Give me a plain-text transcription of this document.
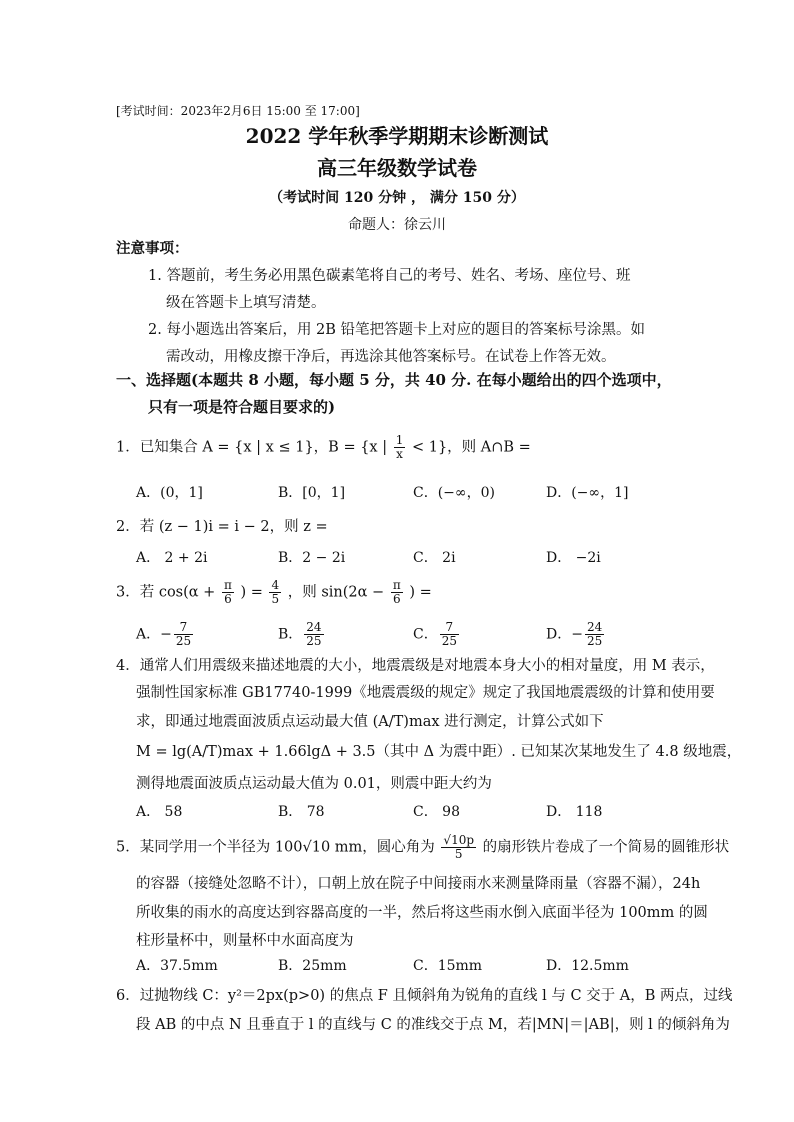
[考试时间：2023年2月6日 15:00 至 17:00]
2022 学年秋季学期期末诊断测试
高三年级数学试卷
（考试时间 120 分钟 ， 满分 150 分）
命题人：徐云川
注意事项：
1. 答题前，考生务必用黑色碳素笔将自己的考号、姓名、考场、座位号、班
级在答题卡上填写清楚。
2. 每小题选出答案后，用 2B 铅笔把答题卡上对应的题目的答案标号涂黑。如
需改动，用橡皮擦干净后，再选涂其他答案标号。在试卷上作答无效。
一、选择题(本题共 8 小题，每小题 5 分，共 40 分. 在每小题给出的四个选项中，
只有一项是符合题目要求的)
1．已知集合 A = {x | x ≤ 1}，B = {x | $\frac{1}{x} < 1$}，则 A∩B =
A．(0，1]	B．[0，1]	C．(−∞，0)	D．(−∞，1]
2．若 (z − 1)i = i − 2，则 z =
A． 2 + 2i	B．2 − 2i	C． 2i	D． −2i
3．若 $\cos(\alpha + \frac{\pi}{6}$ ) = $\frac{4}{5}$ ，则 $\sin(2\alpha - \frac{\pi}{6}$ ) =
A．− $\frac{7}{25}$	B． $\frac{24}{25}$	C． $\frac{7}{25}$	D．− $\frac{24}{25}$
4．通常人们用震级来描述地震的大小，地震震级是对地震本身大小的相对量度，用 M 表示，
强制性国家标准 GB17740-1999《地震震级的规定》规定了我国地震震级的计算和使用要
求，即通过地震面波质点运动最大值 (A/T)max 进行测定，计算公式如下
M = lg(A/T)max + 1.66lgΔ + 3.5（其中 Δ 为震中距）. 已知某次某地发生了 4.8 级地震，
测得地震面波质点运动最大值为 0.01，则震中距大约为
A． 58	B． 78	C． 98	D． 118
5．某同学用一个半径为 100√10 mm，圆心角为 $\frac{√10p}{5}$ 的扇形铁片卷成了一个简易的圆锥形状
的容器（接缝处忽略不计），口朝上放在院子中间接雨水来测量降雨量（容器不漏），24h
所收集的雨水的高度达到容器高度的一半，然后将这些雨水倒入底面半径为 100mm 的圆
柱形量杯中，则量杯中水面高度为
A．37.5mm	B．25mm	C．15mm	D．12.5mm
6．过抛物线 C：y²＝2px(p>0) 的焦点 F 且倾斜角为锐角的直线 l 与 C 交于 A，B 两点，过线
段 AB 的中点 N 且垂直于 l 的直线与 C 的准线交于点 M，若|MN|＝|AB|，则 l 的倾斜角为
